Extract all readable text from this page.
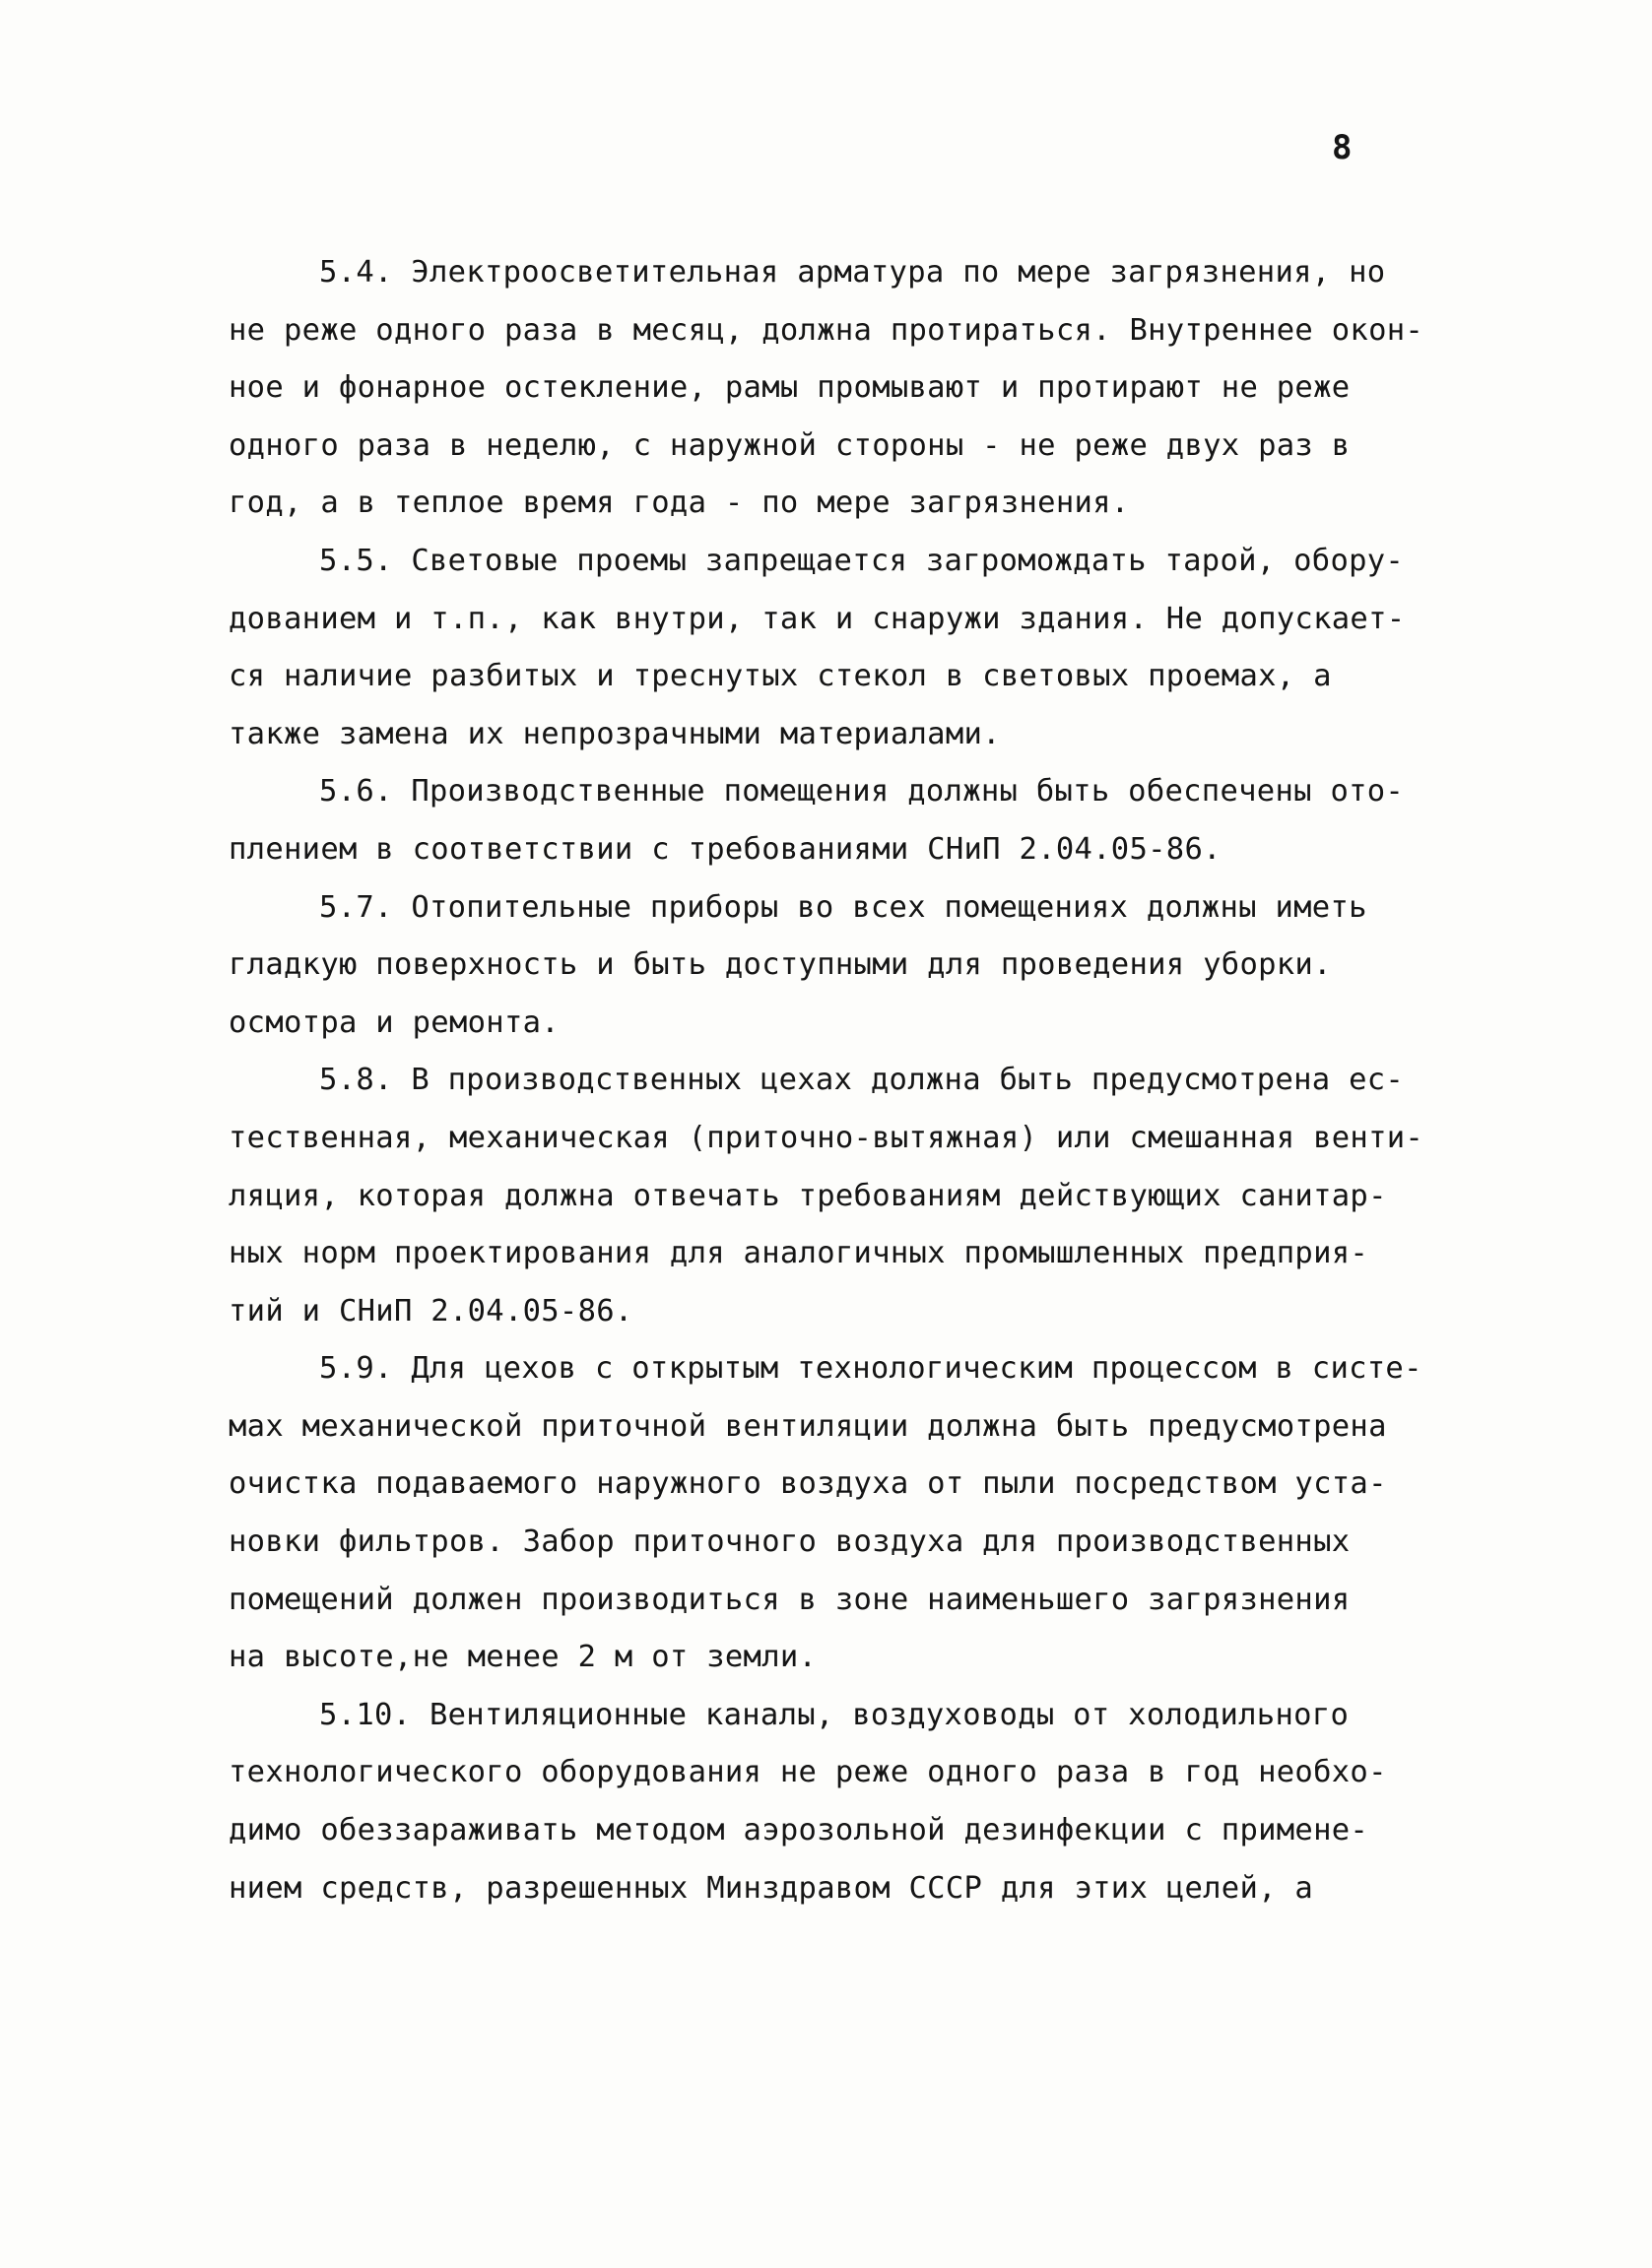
8
5.4. Электроосветительная арматура по мере загрязнения, но
не реже одного раза в месяц, должна протираться. Внутреннее окон-
ное и фонарное остекление, рамы промывают и протирают не реже
одного раза в неделю, с наружной стороны - не реже двух раз в
год, а в теплое время года - по мере загрязнения.
5.5. Световые проемы запрещается загромождать тарой, обору-
дованием и т.п., как внутри, так и снаружи здания. Не допускает-
ся наличие разбитых и треснутых стекол в световых проемах, а
также замена их непрозрачными материалами.
5.6. Производственные помещения должны быть обеспечены ото-
плением в соответствии с требованиями СНиП 2.04.05-86.
5.7. Отопительные приборы во всех помещениях должны иметь
гладкую поверхность и быть доступными для проведения уборки.
осмотра и ремонта.
5.8. В производственных цехах должна быть предусмотрена ес-
тественная, механическая (приточно-вытяжная) или смешанная венти-
ляция, которая должна отвечать требованиям действующих санитар-
ных норм проектирования для аналогичных промышленных предприя-
тий и СНиП 2.04.05-86.
5.9. Для цехов с открытым технологическим процессом в систе-
мах механической приточной вентиляции должна быть предусмотрена
очистка подаваемого наружного воздуха от пыли посредством уста-
новки фильтров. Забор приточного воздуха для производственных
помещений должен производиться в зоне наименьшего загрязнения
на высоте,не менее 2 м от земли.
5.10. Вентиляционные каналы, воздуховоды от холодильного
технологического оборудования не реже одного раза в год необхо-
димо обеззараживать методом аэрозольной дезинфекции с примене-
нием средств, разрешенных Минздравом СССР для этих целей, а
